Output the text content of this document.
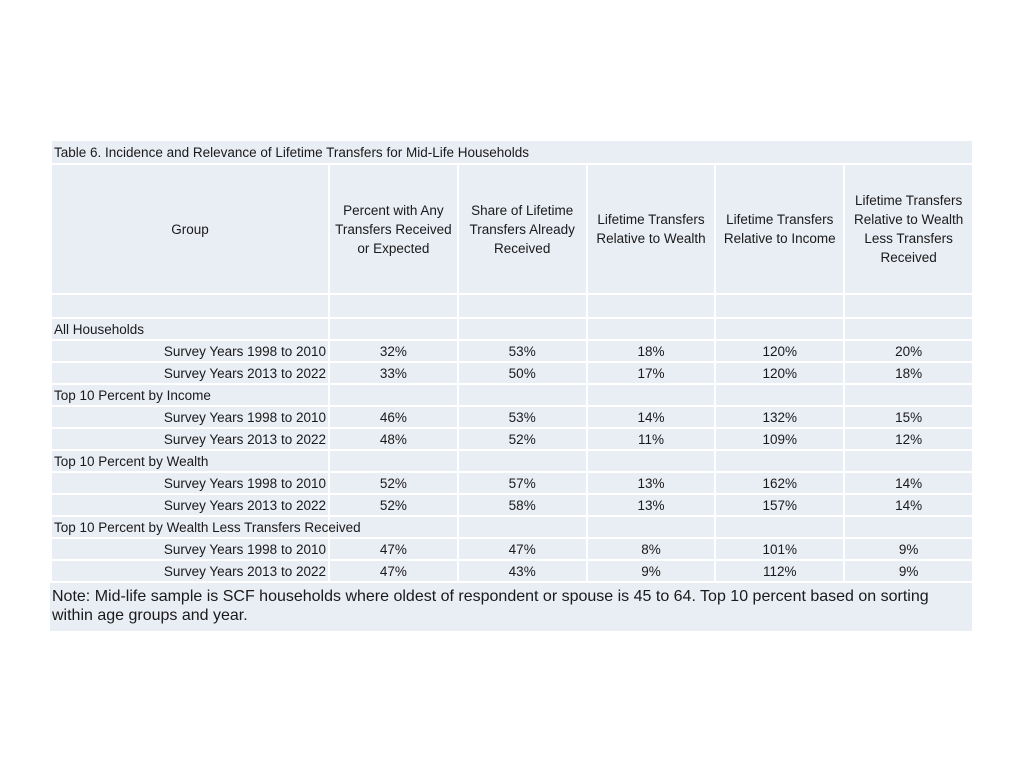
Table 6. Incidence and Relevance of Lifetime Transfers for Mid-Life Households					
Group	Percent with Any Transfers Received or Expected	Share of Lifetime Transfers Already Received	Lifetime Transfers Relative to Wealth	Lifetime Transfers Relative to Income	Lifetime Transfers Relative to Wealth Less Transfers Received

All Households					
Survey Years 1998 to 2010	32%	53%	18%	120%	20%
Survey Years 2013 to 2022	33%	50%	17%	120%	18%
Top 10 Percent by Income					
Survey Years 1998 to 2010	46%	53%	14%	132%	15%
Survey Years 2013 to 2022	48%	52%	11%	109%	12%
Top 10 Percent by Wealth					
Survey Years 1998 to 2010	52%	57%	13%	162%	14%
Survey Years 2013 to 2022	52%	58%	13%	157%	14%
Top 10 Percent by Wealth Less Transfers Received					
Survey Years 1998 to 2010	47%	47%	8%	101%	9%
Survey Years 2013 to 2022	47%	43%	9%	112%	9%
Note: Mid-life sample is SCF households where oldest of respondent or spouse is 45 to 64. Top 10 percent based on sorting within age groups and year.
